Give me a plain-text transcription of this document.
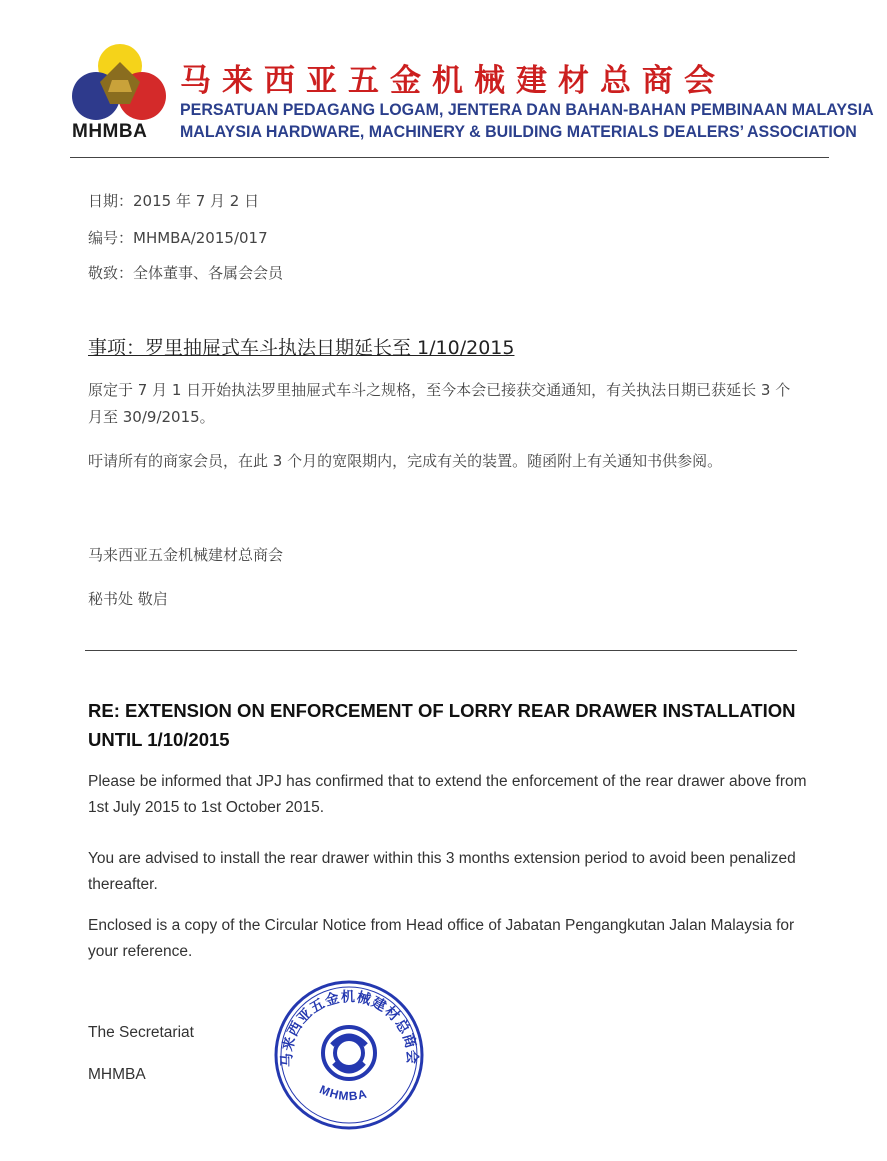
MHMBA
马来西亚五金机械建材总商会
PERSATUAN PEDAGANG LOGAM, JENTERA DAN BAHAN-BAHAN PEMBINAAN MALAYSIA
MALAYSIA HARDWARE, MACHINERY & BUILDING MATERIALS DEALERS’ ASSOCIATION
日期：2015 年 7 月 2 日
编号：MHMBA/2015/017
敬致：全体董事、各属会会员
事项：罗里抽屉式车斗执法日期延长至 1/10/2015
原定于 7 月 1 日开始执法罗里抽屉式车斗之规格，至今本会已接获交通通知，有关执法日期已获延长 3 个月至 30/9/2015。
吁请所有的商家会员，在此 3 个月的宽限期内，完成有关的装置。随函附上有关通知书供参阅。
马来西亚五金机械建材总商会
秘书处 敬启
RE: EXTENSION ON ENFORCEMENT OF LORRY REAR DRAWER INSTALLATION UNTIL 1/10/2015
Please be informed that JPJ has confirmed that to extend the enforcement of the rear drawer above from 1st July 2015 to 1st October 2015.
You are advised to install the rear drawer within this 3 months extension period to avoid been penalized thereafter.
Enclosed is a copy of the Circular Notice from Head office of Jabatan Pengangkutan Jalan Malaysia for your reference.
The Secretariat
MHMBA
马来西亚五金机械建材总商会
MHMBA
